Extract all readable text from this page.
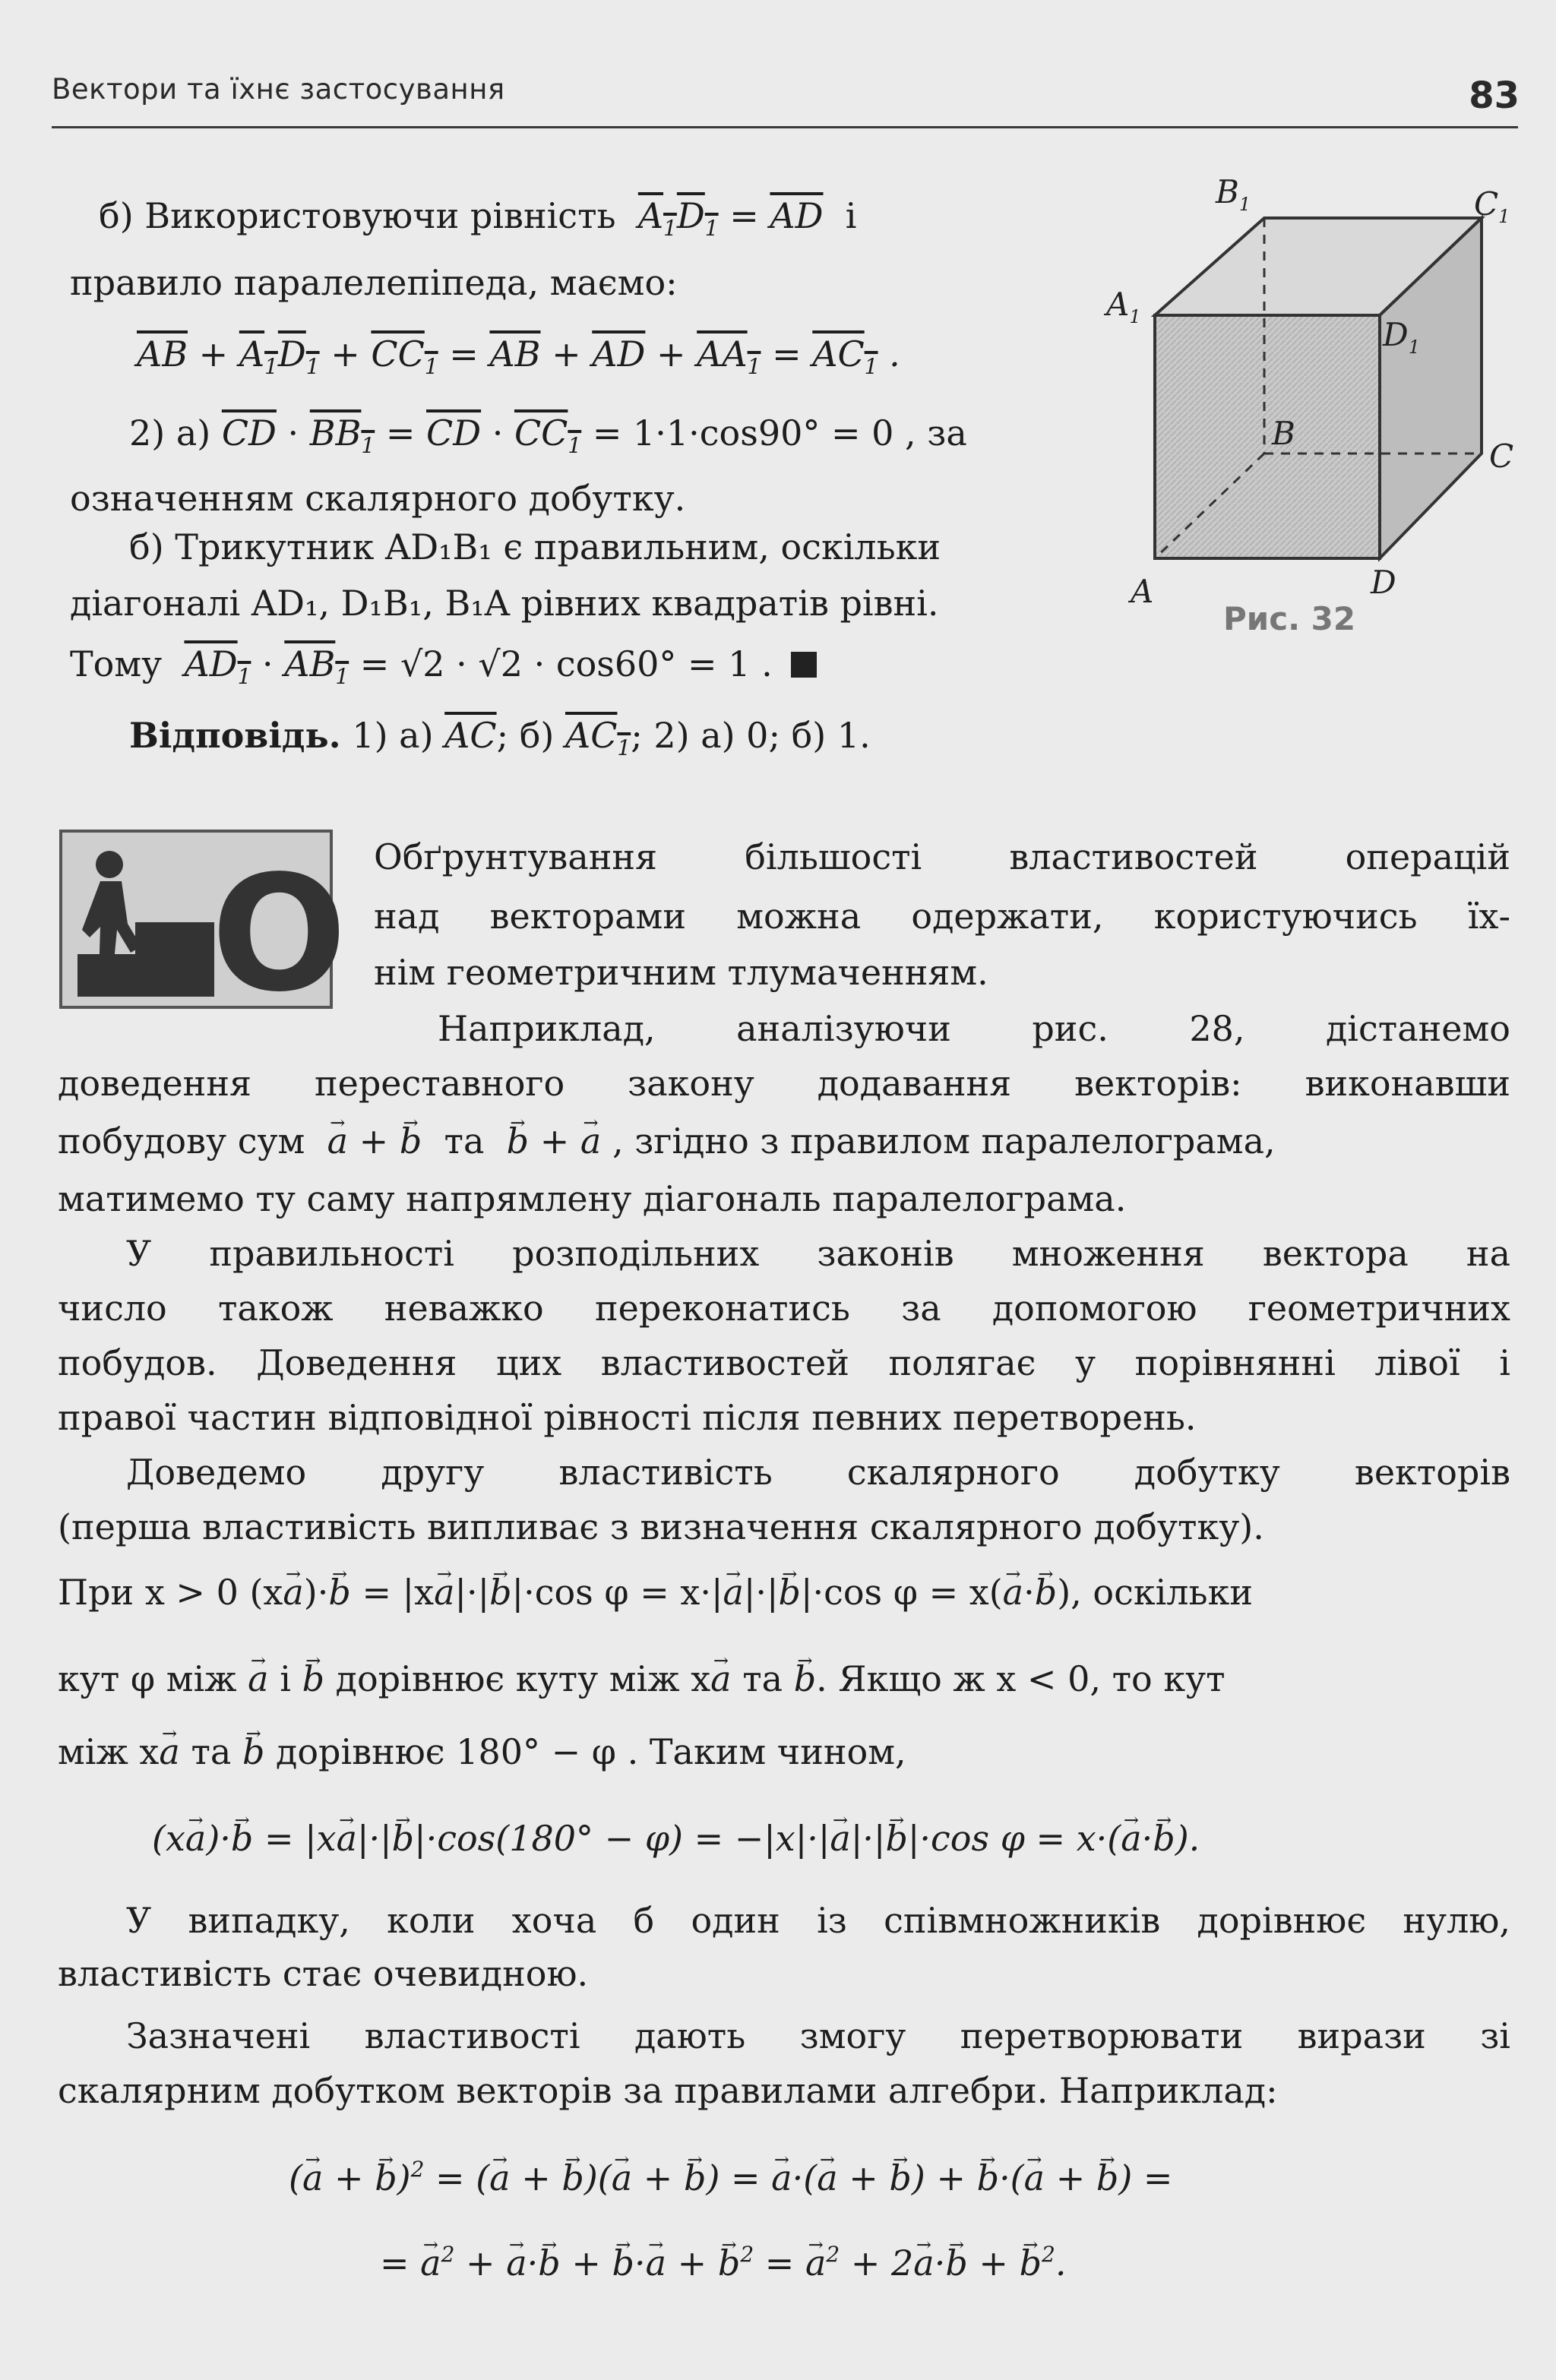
Вектори та їхнє застосування	83
б) Використовуючи рівність $A_1D_1 = \overline{AD}$ і
правило паралелепіпеда, маємо:
$\overline{AB} + A_1D_1 + CC_1 = \overline{AB} + \overline{AD} + AA_1 = AC_1$ .
2) а) $\overline{CD} \cdot BB_1 = \overline{CD} \cdot CC_1 = 1\cdot 1\cdot\cos 90^\circ = 0$ , за
означенням скалярного добутку.
б) Трикутник AD₁B₁ є правильним, оскільки
діагоналі AD₁, D₁B₁, B₁A рівних квадратів рівні.
Тому $AD_1 \cdot AB_1 = √2 \cdot √2 \cdot \cos 60^\circ = 1$ .
Відповідь. 1) а) $\overline{AC}$; б) $AC_1$; 2) а) 0; б) 1.
$B_1$	$C_1$
$A_1$	$D_1$
B
C
A	D
Рис. 32
O Обґрунтування більшості властивостей операцій
над векторами можна одержати, користуючись їх-
нім геометричним тлумаченням.
Наприклад, аналізуючи рис. 28, дістанемо
доведення переставного закону додавання векторів: виконавши
побудову сум a → + b → та b → + a → , згідно з правилом паралелограма,
матимемо ту саму напрямлену діагональ паралелограма.
У правильності розподільних законів множення вектора на
число також неважко переконатись за допомогою геометричних
побудов. Доведення цих властивостей полягає у порівнянні лівої і
правої частин відповідної рівності після певних перетворень.
Доведемо другу властивість скалярного добутку векторів
(перша властивість випливає з визначення скалярного добутку).
При x > 0 (xa →)·b → = |xa →|·|b →|·cos φ = x·|a →|·|b →|·cos φ = x(a →·b →), оскільки
кут φ між a → і b → дорівнює куту між xa → та b →. Якщо ж x < 0, то кут
між xa → та b → дорівнює 180° − φ . Таким чином,
(xa →)·b → = |xa →|·|b →|·cos(180° − φ) = −|x|·|a →|·|b →|·cos φ = x·(a →·b →).
У випадку, коли хоча б один із співмножників дорівнює нулю,
властивість стає очевидною.
Зазначені властивості дають змогу перетворювати вирази зі
скалярним добутком векторів за правилами алгебри. Наприклад:
(a → + b →)$^2$ = (a → + b →)(a → + b →) = a →·(a → + b →) + b →·(a → + b →) =
= a →$^2$ + a →·b → + b →·a → + b →$^2$ = a →$^2$ + 2a →·b → + b →$^2$.
